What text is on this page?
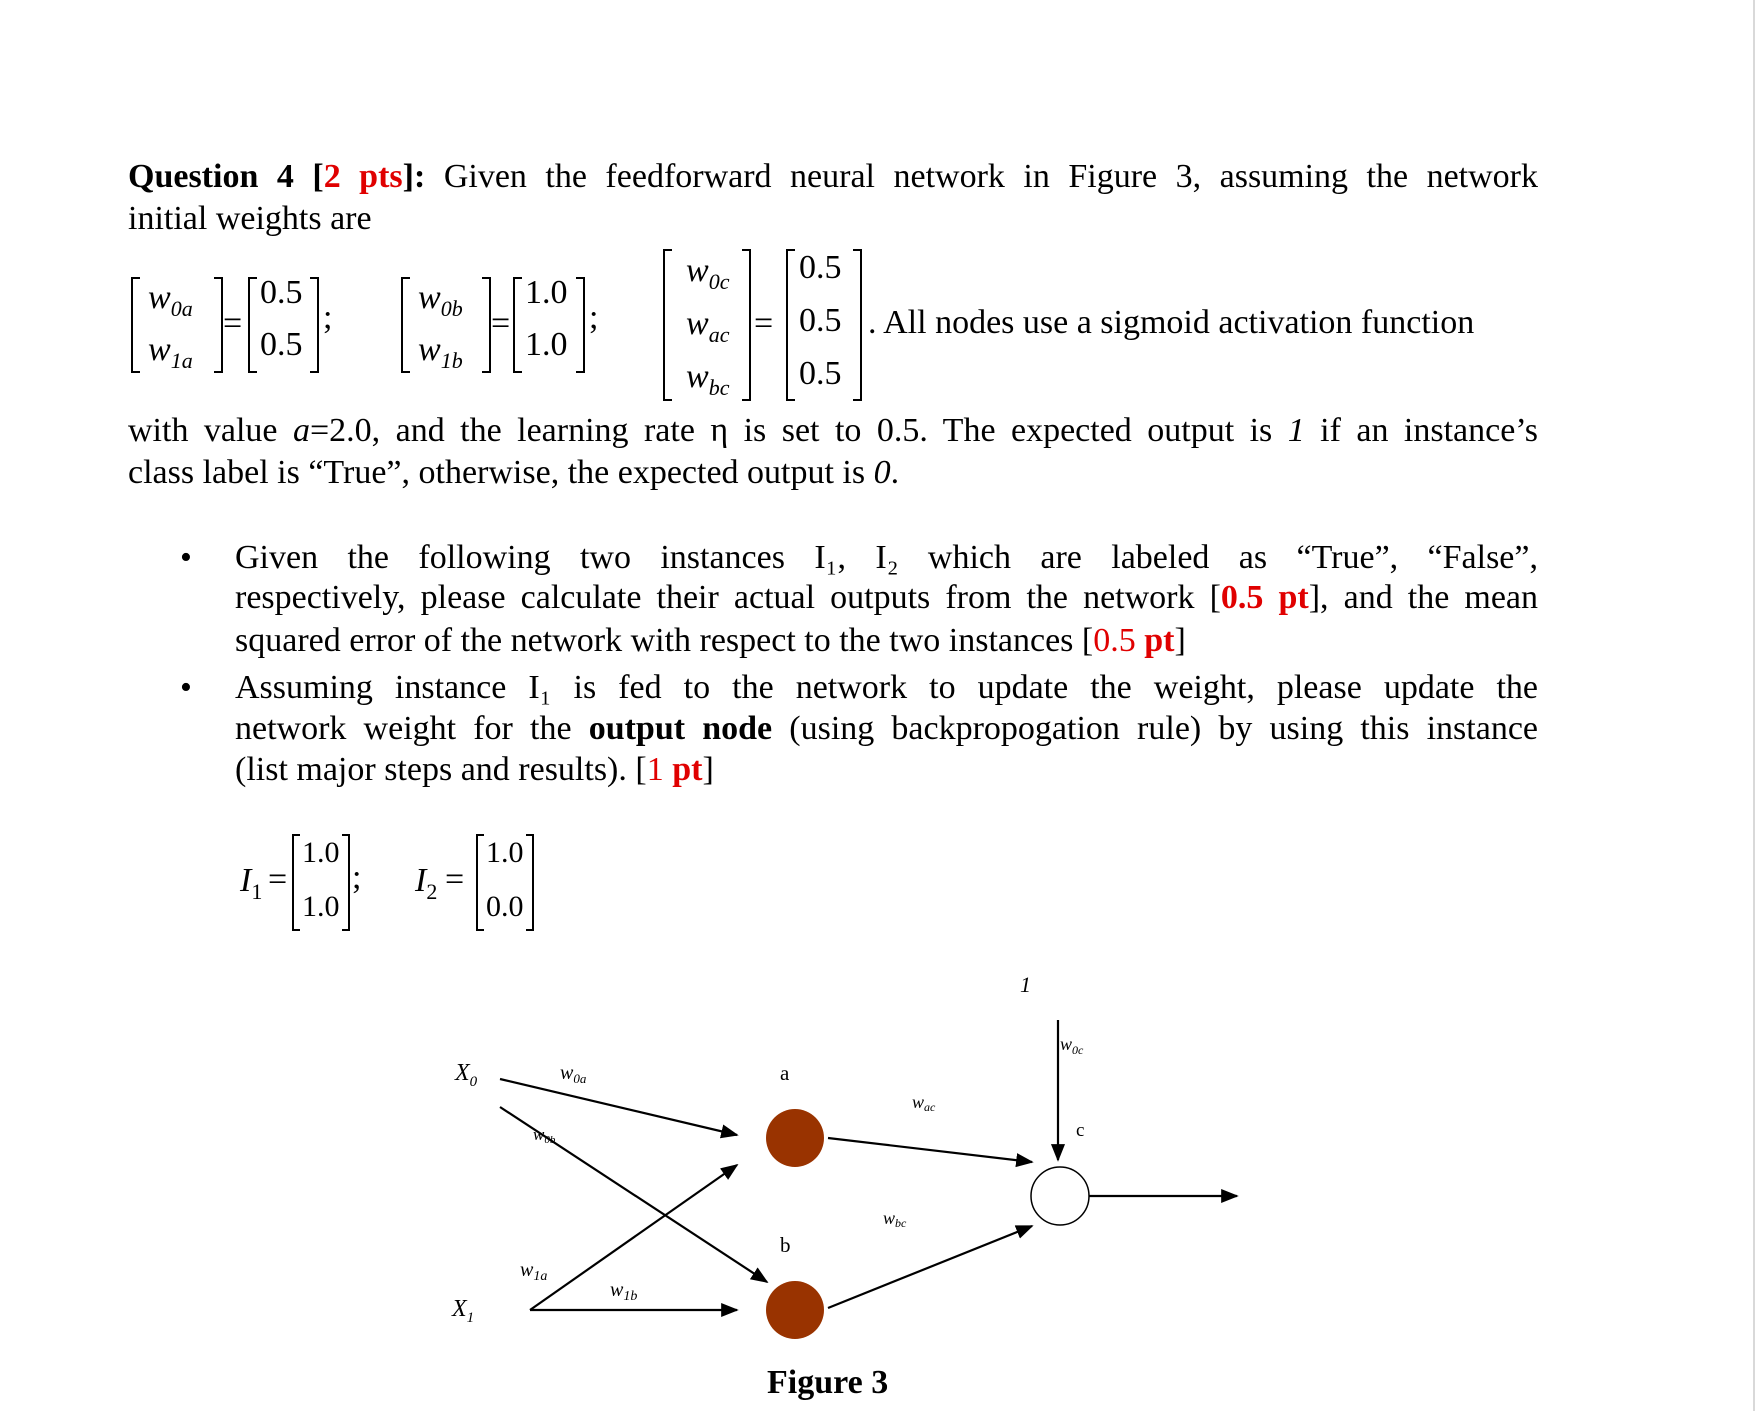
Question 4 [2 pts]: Given the feedforward neural network in Figure 3, assuming the network
initial weights are
$w_{0a}$
$w_{1a}$
=
0.5
0.5
;
$w_{0b}$
$w_{1b}$
=
1.0
1.0
;
$w_{0c}$
$w_{ac}$
$w_{bc}$
=
0.5
0.5
0.5
. All nodes use a sigmoid activation function
with value a=2.0, and the learning rate η is set to 0.5. The expected output is 1 if an instance’s
class label is “True”, otherwise, the expected output is 0.
• Given the following two instances I₁, I₂ which are labeled as “True”, “False”,
respectively, please calculate their actual outputs from the network [0.5 pt], and the mean
squared error of the network with respect to the two instances [0.5 pt]
• Assuming instance I₁ is fed to the network to update the weight, please update the
network weight for the output node (using backpropogation rule) by using this instance
(list major steps and results). [1 pt]
$I_1$ =
1.0
1.0
; $I_2$ =
1.0
0.0
1
$w_{0c}$
$X_0$
$X_1$
$w_{0a}$
w0b
$w_{1a}$
$w_{1b}$
wac
wbc
a
b
c
Figure 3
